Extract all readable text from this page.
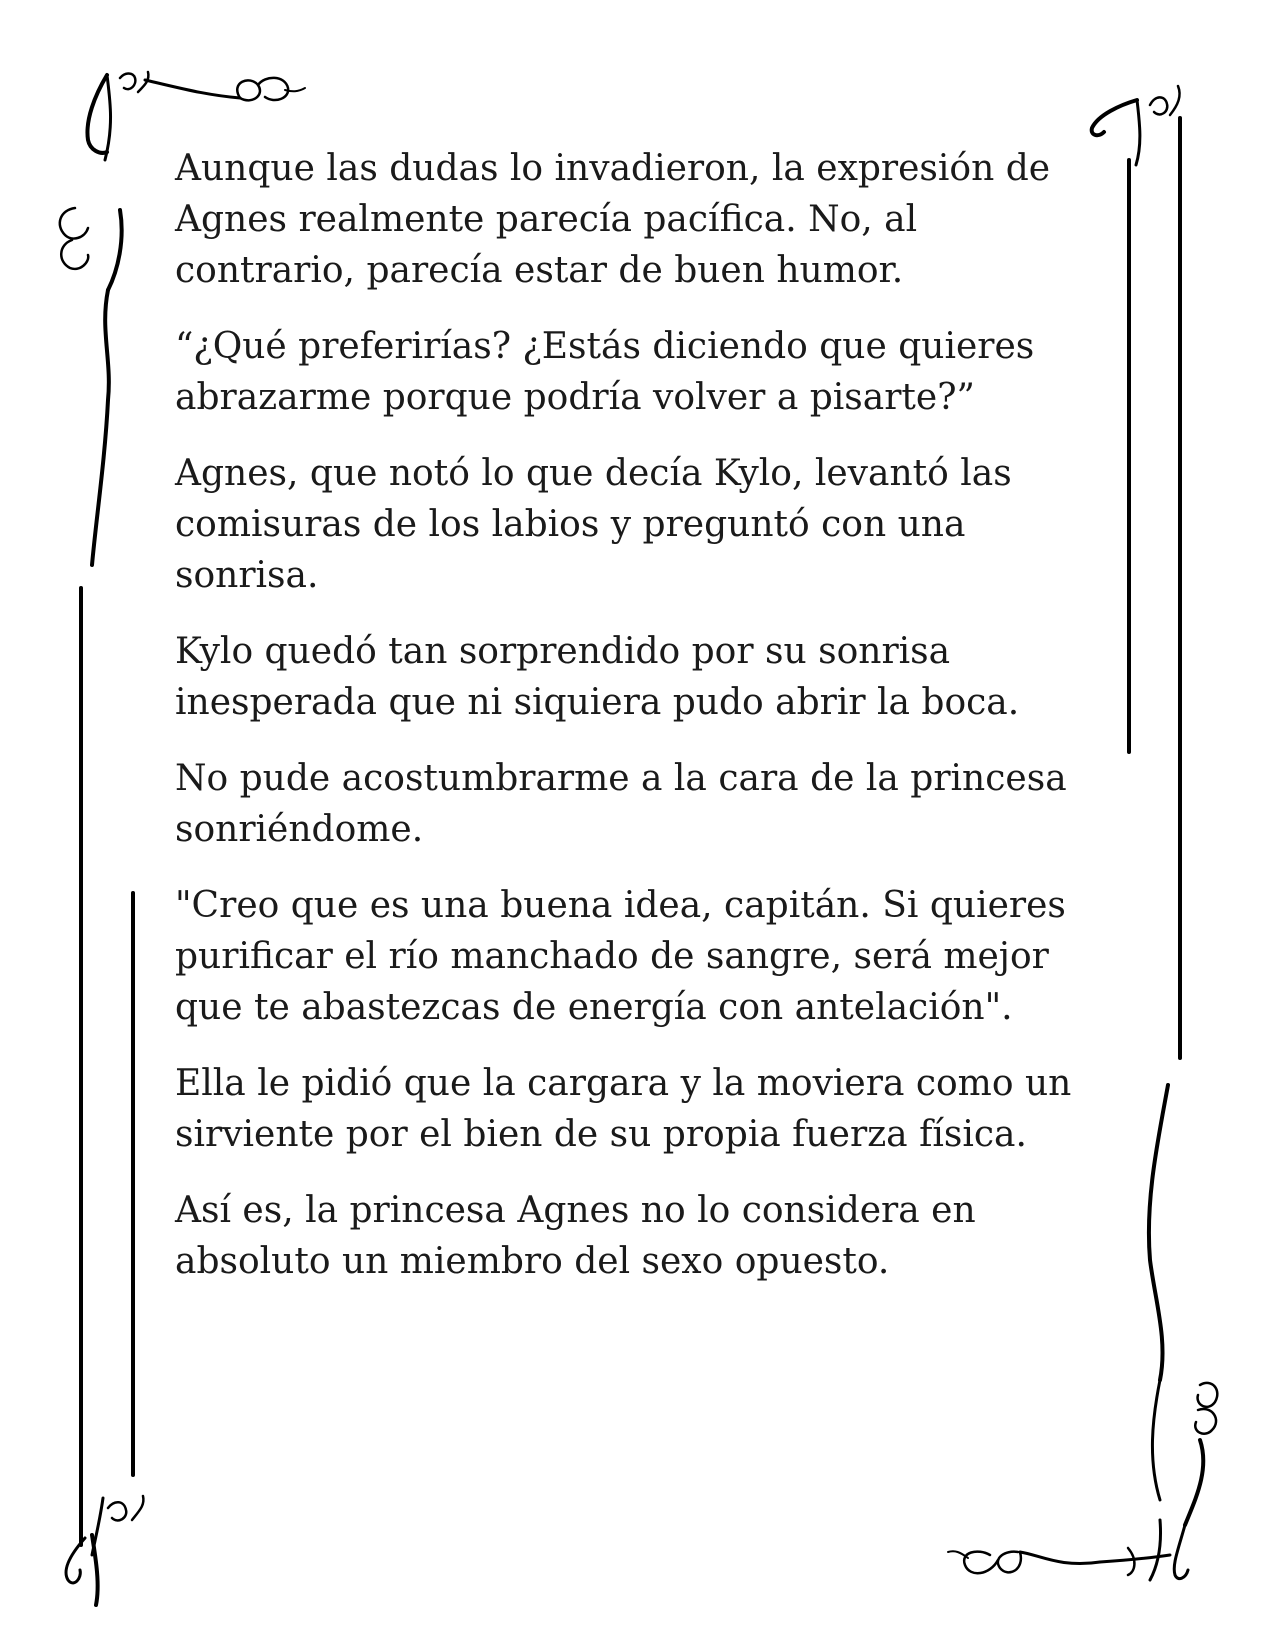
Aunque las dudas lo invadieron, la expresión de Agnes realmente parecía pacífica. No, al contrario, parecía estar de buen humor.

“¿Qué preferirías? ¿Estás diciendo que quieres abrazarme porque podría volver a pisarte?”

Agnes, que notó lo que decía Kylo, levantó las comisuras de los labios y preguntó con una sonrisa.

Kylo quedó tan sorprendido por su sonrisa inesperada que ni siquiera pudo abrir la boca.

No pude acostumbrarme a la cara de la princesa sonriéndome.

"Creo que es una buena idea, capitán. Si quieres purificar el río manchado de sangre, será mejor que te abastezcas de energía con antelación".

Ella le pidió que la cargara y la moviera como un sirviente por el bien de su propia fuerza física.

Así es, la princesa Agnes no lo considera en absoluto un miembro del sexo opuesto.
